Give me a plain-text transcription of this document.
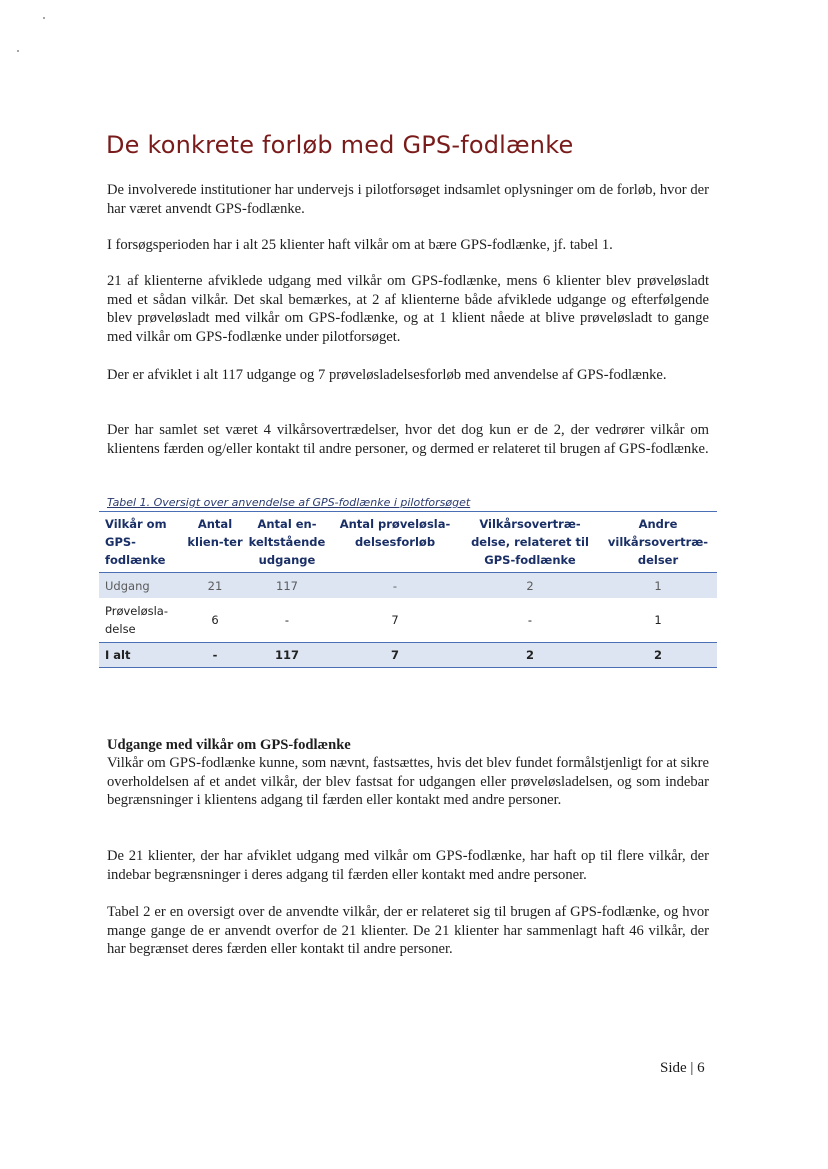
De konkrete forløb med GPS-fodlænke

De involverede institutioner har undervejs i pilotforsøget indsamlet oplysninger om de forløb, hvor der har været anvendt GPS-fodlænke.

I forsøgsperioden har i alt 25 klienter haft vilkår om at bære GPS-fodlænke, jf. tabel 1.

21 af klienterne afviklede udgang med vilkår om GPS-fodlænke, mens 6 klienter blev prøveløsladt med et sådan vilkår. Det skal bemærkes, at 2 af klienterne både afviklede udgange og efterfølgende blev prøveløsladt med vilkår om GPS-fodlænke, og at 1 klient nåede at blive prøveløsladt to gange med vilkår om GPS-fodlænke under pilotforsøget.

Der er afviklet i alt 117 udgange og 7 prøveløsladelsesforløb med anvendelse af GPS-fodlænke.

Der har samlet set været 4 vilkårsovertrædelser, hvor det dog kun er de 2, der vedrører vilkår om klientens færden og/eller kontakt til andre personer, og dermed er relateret til brugen af GPS-fodlænke.

Tabel 1. Oversigt over anvendelse af GPS-fodlænke i pilotforsøget

Vilkår om GPS-fodlænke	Antal klien-ter	Antal en-keltstående udgange	Antal prøveløsla-delsesforløb	Vilkårsovertræ-delse, relateret til GPS-fodlænke	Andre vilkårsovertræ-delser
Udgang	21	117	-	2	1
Prøveløsla-delse	6	-	7	-	1
I alt	-	117	7	2	2

Udgange med vilkår om GPS-fodlænke

Vilkår om GPS-fodlænke kunne, som nævnt, fastsættes, hvis det blev fundet formålstjenligt for at sikre overholdelsen af et andet vilkår, der blev fastsat for udgangen eller prøveløsladelsen, og som indebar begrænsninger i klientens adgang til færden eller kontakt med andre personer.

De 21 klienter, der har afviklet udgang med vilkår om GPS-fodlænke, har haft op til flere vilkår, der indebar begrænsninger i deres adgang til færden eller kontakt med andre personer.

Tabel 2 er en oversigt over de anvendte vilkår, der er relateret sig til brugen af GPS-fodlænke, og hvor mange gange de er anvendt overfor de 21 klienter. De 21 klienter har sammenlagt haft 46 vilkår, der har begrænset deres færden eller kontakt til andre personer.

Side | 6
